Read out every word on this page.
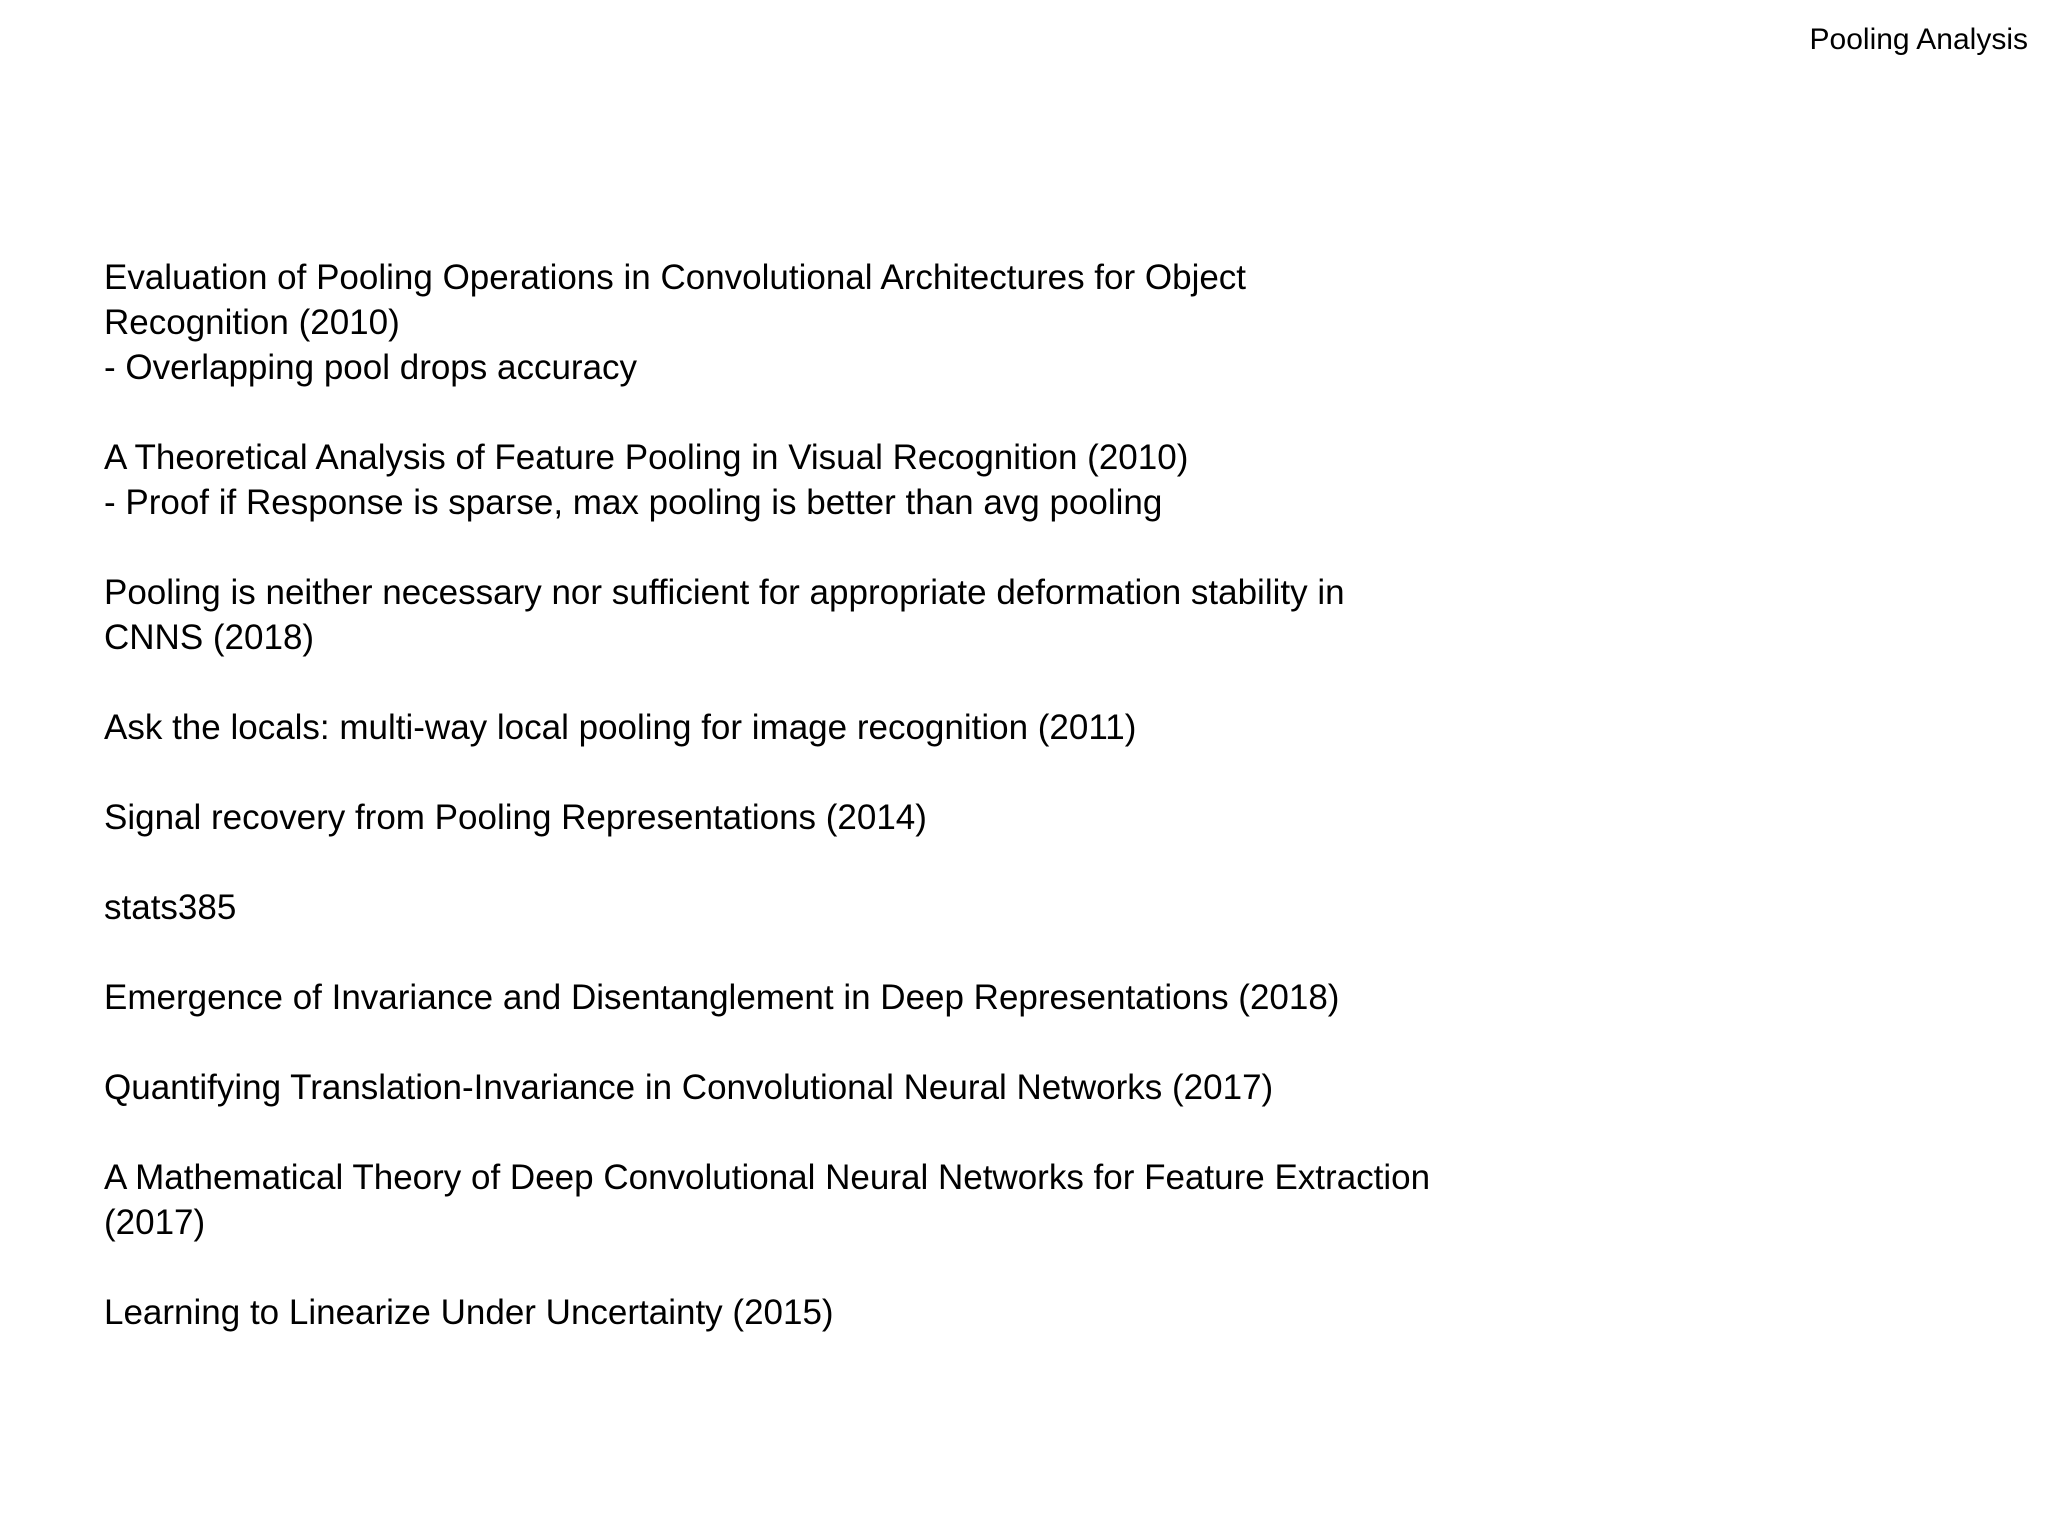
Pooling Analysis
Evaluation of Pooling Operations in Convolutional Architectures for Object Recognition (2010)
- Overlapping pool drops accuracy
A Theoretical Analysis of Feature Pooling in Visual Recognition (2010)
- Proof if Response is sparse, max pooling is better than avg pooling
Pooling is neither necessary nor sufficient for appropriate deformation stability in CNNS (2018)
Ask the locals: multi-way local pooling for image recognition (2011)
Signal recovery from Pooling Representations (2014)
stats385
Emergence of Invariance and Disentanglement in Deep Representations (2018)
Quantifying Translation-Invariance in Convolutional Neural Networks (2017)
A Mathematical Theory of Deep Convolutional Neural Networks for Feature Extraction (2017)
Learning to Linearize Under Uncertainty (2015)
